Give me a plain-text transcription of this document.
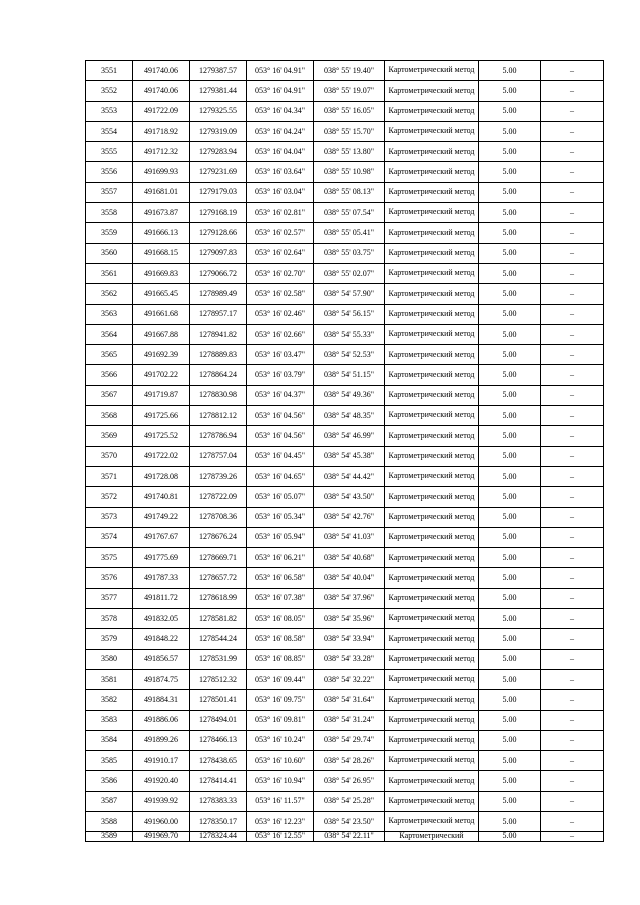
3551	491740.06	1279387.57	053° 16' 04.91"	038° 55' 19.40"	Картометрический метод	5.00	–
3552	491740.06	1279381.44	053° 16' 04.91"	038° 55' 19.07"	Картометрический метод	5.00	–
3553	491722.09	1279325.55	053° 16' 04.34"	038° 55' 16.05"	Картометрический метод	5.00	–
3554	491718.92	1279319.09	053° 16' 04.24"	038° 55' 15.70"	Картометрический метод	5.00	–
3555	491712.32	1279283.94	053° 16' 04.04"	038° 55' 13.80"	Картометрический метод	5.00	–
3556	491699.93	1279231.69	053° 16' 03.64"	038° 55' 10.98"	Картометрический метод	5.00	–
3557	491681.01	1279179.03	053° 16' 03.04"	038° 55' 08.13"	Картометрический метод	5.00	–
3558	491673.87	1279168.19	053° 16' 02.81"	038° 55' 07.54"	Картометрический метод	5.00	–
3559	491666.13	1279128.66	053° 16' 02.57"	038° 55' 05.41"	Картометрический метод	5.00	–
3560	491668.15	1279097.83	053° 16' 02.64"	038° 55' 03.75"	Картометрический метод	5.00	–
3561	491669.83	1279066.72	053° 16' 02.70"	038° 55' 02.07"	Картометрический метод	5.00	–
3562	491665.45	1278989.49	053° 16' 02.58"	038° 54' 57.90"	Картометрический метод	5.00	–
3563	491661.68	1278957.17	053° 16' 02.46"	038° 54' 56.15"	Картометрический метод	5.00	–
3564	491667.88	1278941.82	053° 16' 02.66"	038° 54' 55.33"	Картометрический метод	5.00	–
3565	491692.39	1278889.83	053° 16' 03.47"	038° 54' 52.53"	Картометрический метод	5.00	–
3566	491702.22	1278864.24	053° 16' 03.79"	038° 54' 51.15"	Картометрический метод	5.00	–
3567	491719.87	1278830.98	053° 16' 04.37"	038° 54' 49.36"	Картометрический метод	5.00	–
3568	491725.66	1278812.12	053° 16' 04.56"	038° 54' 48.35"	Картометрический метод	5.00	–
3569	491725.52	1278786.94	053° 16' 04.56"	038° 54' 46.99"	Картометрический метод	5.00	–
3570	491722.02	1278757.04	053° 16' 04.45"	038° 54' 45.38"	Картометрический метод	5.00	–
3571	491728.08	1278739.26	053° 16' 04.65"	038° 54' 44.42"	Картометрический метод	5.00	–
3572	491740.81	1278722.09	053° 16' 05.07"	038° 54' 43.50"	Картометрический метод	5.00	–
3573	491749.22	1278708.36	053° 16' 05.34"	038° 54' 42.76"	Картометрический метод	5.00	–
3574	491767.67	1278676.24	053° 16' 05.94"	038° 54' 41.03"	Картометрический метод	5.00	–
3575	491775.69	1278669.71	053° 16' 06.21"	038° 54' 40.68"	Картометрический метод	5.00	–
3576	491787.33	1278657.72	053° 16' 06.58"	038° 54' 40.04"	Картометрический метод	5.00	–
3577	491811.72	1278618.99	053° 16' 07.38"	038° 54' 37.96"	Картометрический метод	5.00	–
3578	491832.05	1278581.82	053° 16' 08.05"	038° 54' 35.96"	Картометрический метод	5.00	–
3579	491848.22	1278544.24	053° 16' 08.58"	038° 54' 33.94"	Картометрический метод	5.00	–
3580	491856.57	1278531.99	053° 16' 08.85"	038° 54' 33.28"	Картометрический метод	5.00	–
3581	491874.75	1278512.32	053° 16' 09.44"	038° 54' 32.22"	Картометрический метод	5.00	–
3582	491884.31	1278501.41	053° 16' 09.75"	038° 54' 31.64"	Картометрический метод	5.00	–
3583	491886.06	1278494.01	053° 16' 09.81"	038° 54' 31.24"	Картометрический метод	5.00	–
3584	491899.26	1278466.13	053° 16' 10.24"	038° 54' 29.74"	Картометрический метод	5.00	–
3585	491910.17	1278438.65	053° 16' 10.60"	038° 54' 28.26"	Картометрический метод	5.00	–
3586	491920.40	1278414.41	053° 16' 10.94"	038° 54' 26.95"	Картометрический метод	5.00	–
3587	491939.92	1278383.33	053° 16' 11.57"	038° 54' 25.28"	Картометрический метод	5.00	–
3588	491960.00	1278350.17	053° 16' 12.23"	038° 54' 23.50"	Картометрический метод	5.00	–
3589	491969.70	1278324.44	053° 16' 12.55"	038° 54' 22.11"	Картометрический	5.00	–
